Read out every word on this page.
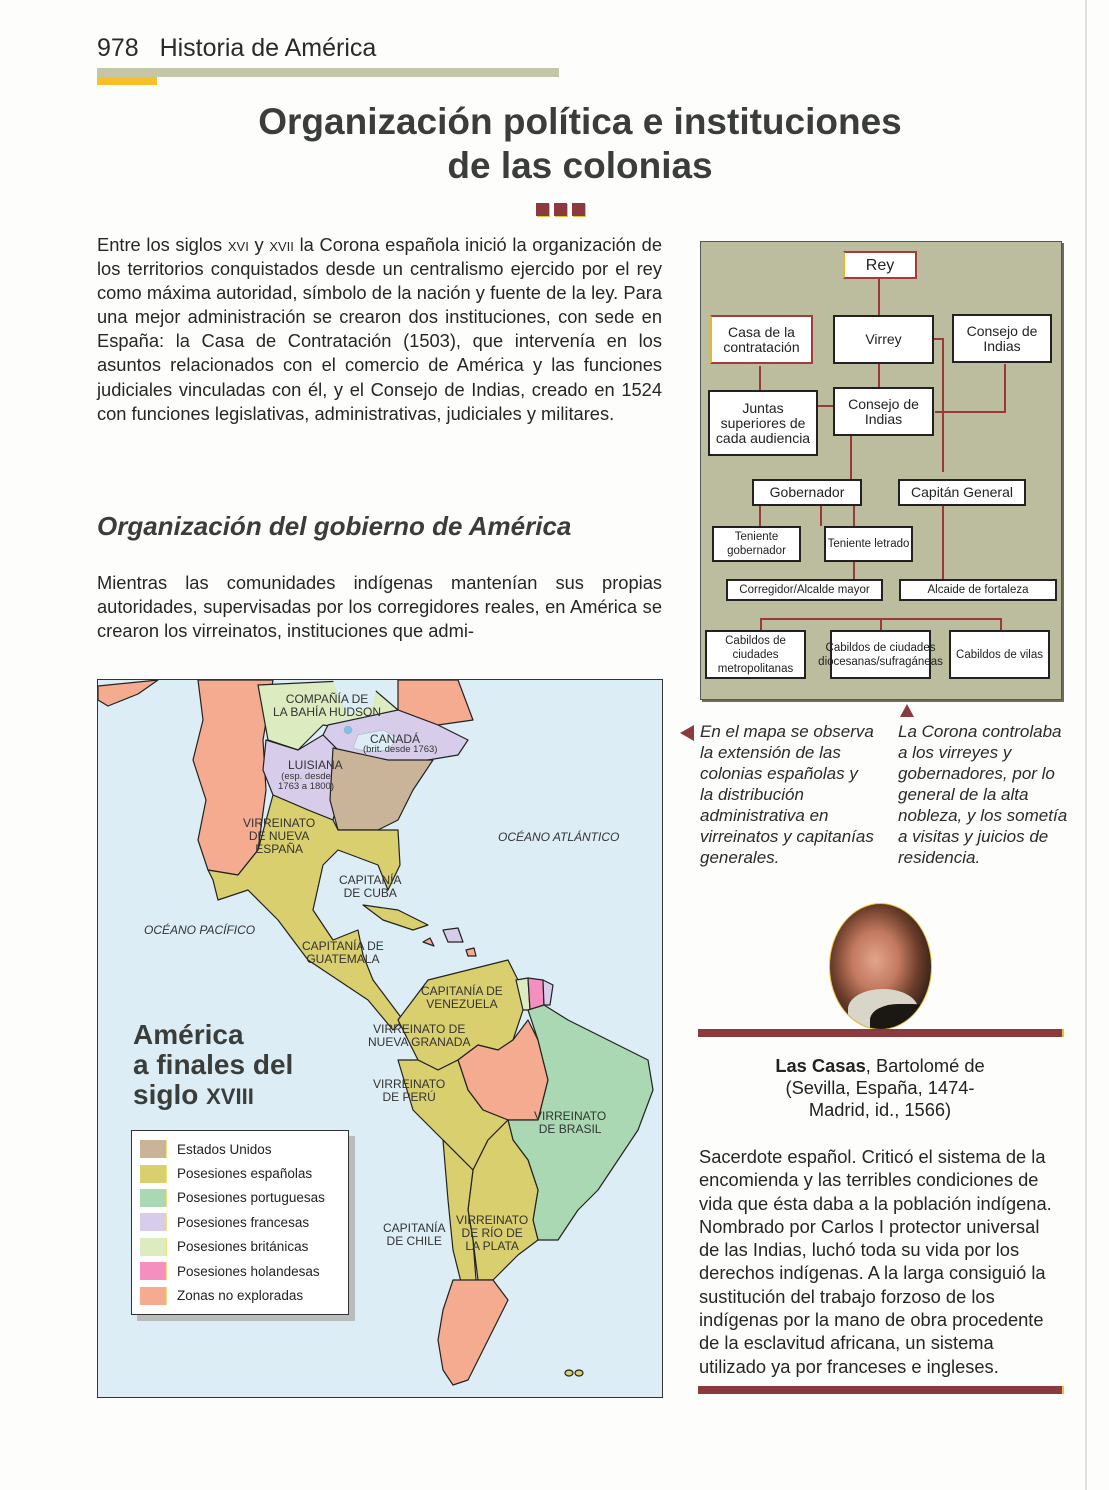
978 Historia de América
Organización política e instituciones
de las colonias

Entre los siglos xvi y xvii la Corona española inició la organización de los territorios conquistados desde un centralismo ejercido por el rey como máxima autoridad, símbolo de la nación y fuente de la ley. Para una mejor administración se crearon dos instituciones, con sede en España: la Casa de Contratación (1503), que intervenía en los asuntos relacionados con el comercio de América y las funciones judiciales vinculadas con él, y el Consejo de Indias, creado en 1524 con funciones legislativas, administrativas, judiciales y militares.

Organización del gobierno de América

Mientras las comunidades indígenas mantenían sus propias autoridades, supervisadas por los corregidores reales, en América se crearon los virreinatos, instituciones que admi-

Rey
Casa de la contratación	Virrey
Consejo de Indias
Juntas superiores de cada audiencia
Consejo de Indias
Gobernador	Capitán General
Teniente gobernador
Teniente letrado
Corregidor/Alcalde mayor	Alcaide de fortaleza
Cabildos de ciudades metropolitanas
Cabildos de ciudades diocesanas/sufragáneas
Cabildos de vilas
En el mapa se observa la extensión de las colonias españolas y la distribución administrativa en virreinatos y capitanías generales.
La Corona controlaba a los virreyes y gobernadores, por lo general de la alta nobleza, y los sometía a visitas y juicios de residencia.
Las Casas, Bartolomé de
(Sevilla, España, 1474-
Madrid, id., 1566)

Sacerdote español. Criticó el sistema de la encomienda y las terribles condiciones de vida que ésta daba a la población indígena. Nombrado por Carlos I protector universal de las Indias, luchó toda su vida por los derechos indígenas. A la larga consiguió la sustitución del trabajo forzoso de los indígenas por la mano de obra procedente de la esclavitud africana, un sistema utilizado ya por franceses e ingleses.

COMPAÑÍA DE
LA BAHÍA HUDSON
CANADÁ
(brit. desde 1763)
LUISIANA
(esp. desde
1763 a 1800)
VIRREINATO
DE NUEVA
ESPAÑA
CAPITANÍA
DE CUBA
CAPITANÍA DE
GUATEMALA
CAPITANÍA DE
VENEZUELA
VIRREINATO DE
NUEVA GRANADA
VIRREINATO
DE PERÚ
VIRREINATO
DE BRASIL
CAPITANÍA
DE CHILE
VIRREINATO
DE RÍO DE
LA PLATA
OCÉANO ATLÁNTICO
OCÉANO PACÍFICO
América
a finales del
siglo XVIII
Estados Unidos
Posesiones españolas
Posesiones portuguesas
Posesiones francesas
Posesiones británicas
Posesiones holandesas
Zonas no exploradas
